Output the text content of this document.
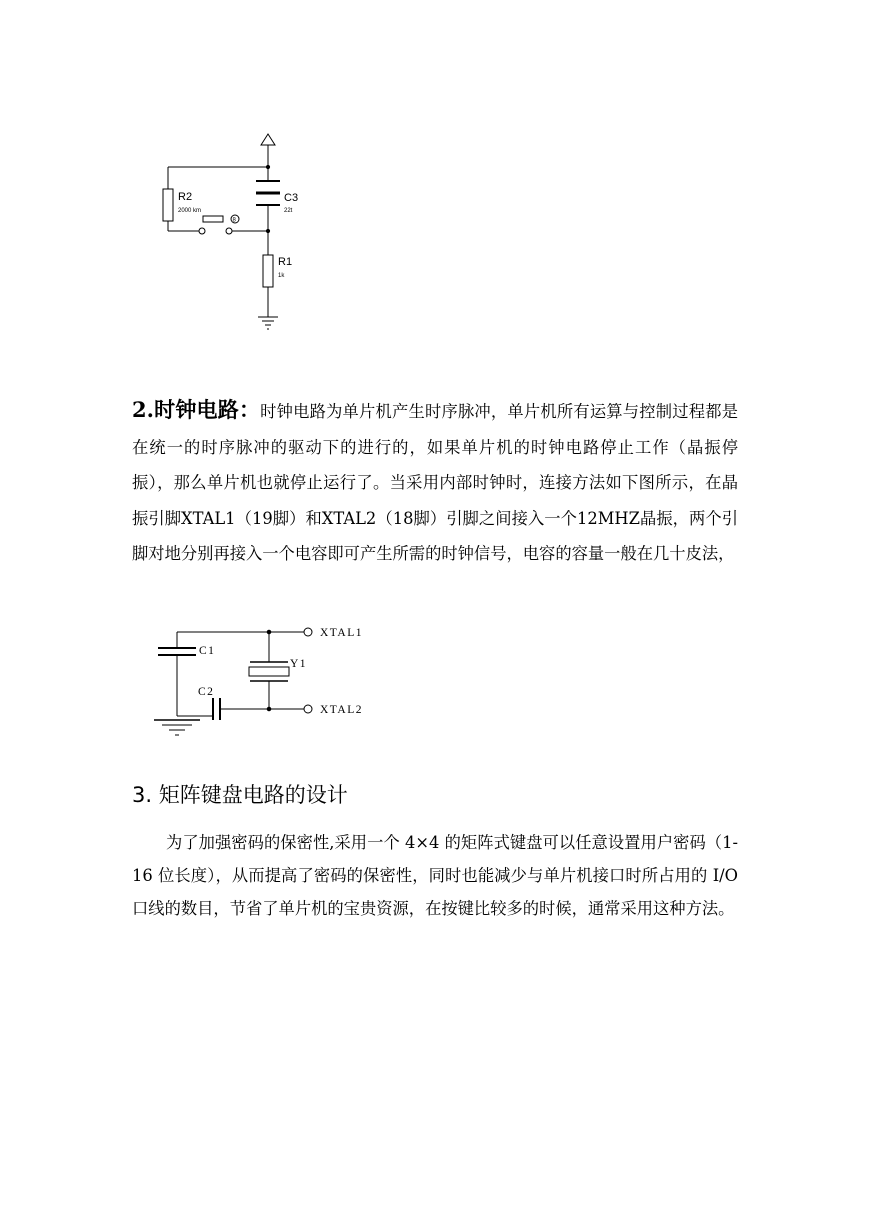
R2
2000 km
C3
22t
R1
1k
8
2.时钟电路：时钟电路为单片机产生时序脉冲，单片机所有运算与控制过程都是在统一的时序脉冲的驱动下的进行的，如果单片机的时钟电路停止工作（晶振停振），那么单片机也就停止运行了。当采用内部时钟时，连接方法如下图所示，在晶振引脚XTAL1（19脚）和XTAL2（18脚）引脚之间接入一个12MHZ晶振，两个引脚对地分别再接入一个电容即可产生所需的时钟信号，电容的容量一般在几十皮法，
C1
Y1
C2
XTAL1
XTAL2
3. 矩阵键盘电路的设计
为了加强密码的保密性,采用一个 4×4 的矩阵式键盘可以任意设置用户密码（1-16 位长度），从而提高了密码的保密性，同时也能减少与单片机接口时所占用的 I/O 口线的数目，节省了单片机的宝贵资源，在按键比较多的时候，通常采用这种方法。
